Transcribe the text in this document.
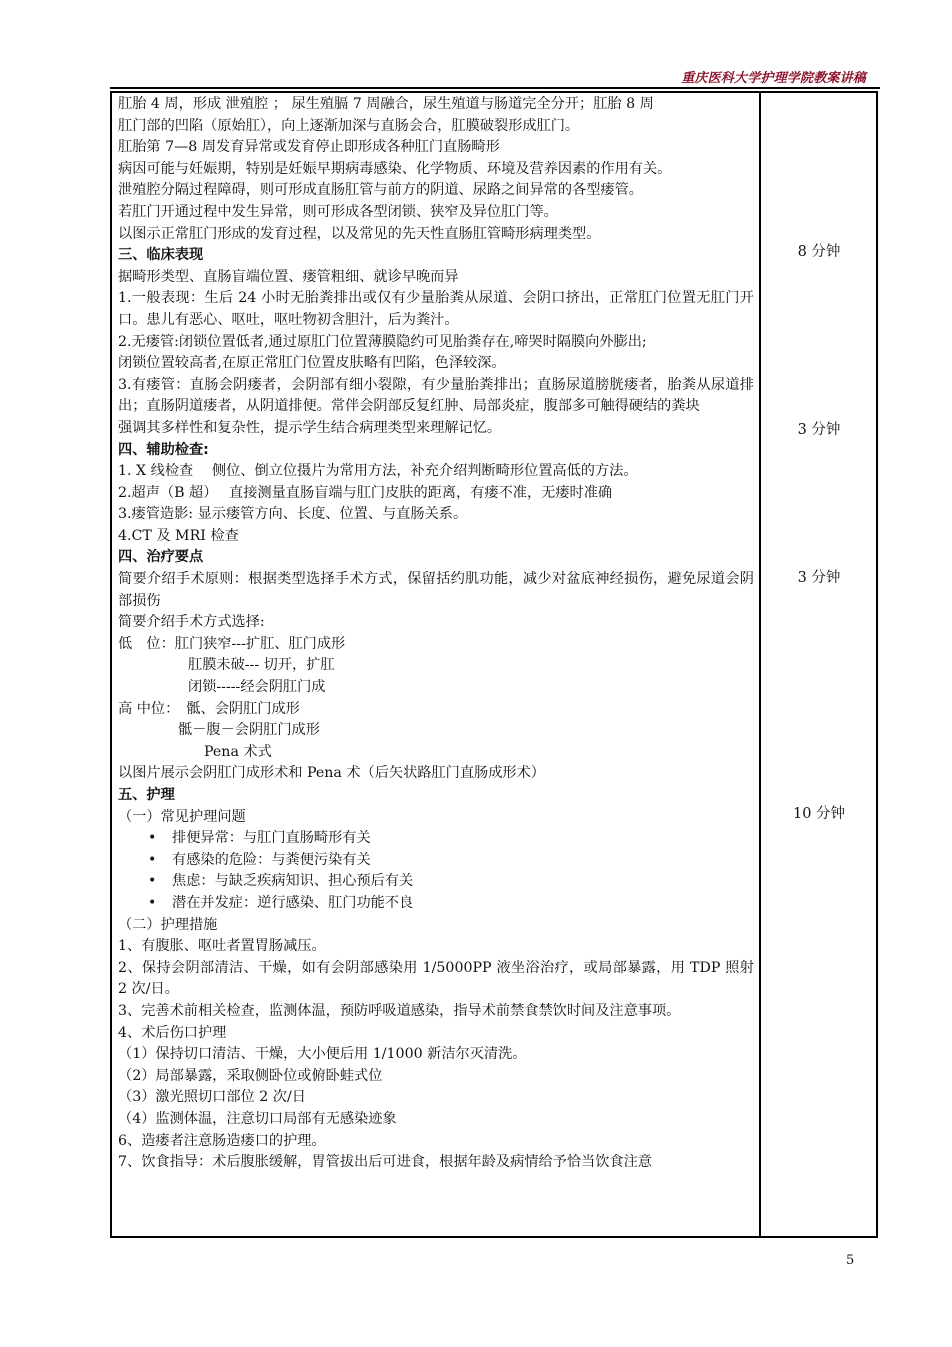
重庆医科大学护理学院教案讲稿

肛胎 4 周，形成 泄殖腔 ； 尿生殖膈 7 周融合，尿生殖道与肠道完全分开；肛胎 8 周

肛门部的凹陷（原始肛），向上逐渐加深与直肠会合，肛膜破裂形成肛门。

肛胎第 7—8 周发育异常或发育停止即形成各种肛门直肠畸形

病因可能与妊娠期，特别是妊娠早期病毒感染、化学物质、环境及营养因素的作用有关。

泄殖腔分隔过程障碍，则可形成直肠肛管与前方的阴道、尿路之间异常的各型瘘管。

若肛门开通过程中发生异常，则可形成各型闭锁、狭窄及异位肛门等。

以图示正常肛门形成的发育过程，以及常见的先天性直肠肛管畸形病理类型。

三、临床表现

据畸形类型、直肠盲端位置、瘘管粗细、就诊早晚而异

1.一般表现：生后 24 小时无胎粪排出或仅有少量胎粪从尿道、会阴口挤出，正常肛门位置无肛门开口。患儿有恶心、呕吐，呕吐物初含胆汁，后为粪汁。

2.无瘘管:闭锁位置低者,通过原肛门位置薄膜隐约可见胎粪存在,啼哭时隔膜向外膨出;

闭锁位置较高者,在原正常肛门位置皮肤略有凹陷，色泽较深。

3.有瘘管：直肠会阴瘘者，会阴部有细小裂隙，有少量胎粪排出；直肠尿道膀胱瘘者，胎粪从尿道排出；直肠阴道瘘者，从阴道排便。常伴会阴部反复红肿、局部炎症，腹部多可触得硬结的粪块

强调其多样性和复杂性，提示学生结合病理类型来理解记忆。

四、辅助检查:

1. X 线检查　 侧位、倒立位摄片为常用方法，补充介绍判断畸形位置高低的方法。

2.超声（B 超）　 直接测量直肠盲端与肛门皮肤的距离，有瘘不准，无瘘时准确

3.瘘管造影: 显示瘘管方向、长度、位置、与直肠关系。

4.CT 及 MRI 检查

四、治疗要点

简要介绍手术原则：根据类型选择手术方式，保留括约肌功能，减少对盆底神经损伤，避免尿道会阴部损伤

简要介绍手术方式选择:

低　位：肛门狭窄---扩肛、肛门成形

肛膜未破--- 切开，扩肛

闭锁-----经会阴肛门成

高 中位：　骶、会阴肛门成形

骶－腹－会阴肛门成形

Pena 术式

以图片展示会阴肛门成形术和 Pena 术（后矢状路肛门直肠成形术）

五、护理

（一）常见护理问题

• 排便异常：与肛门直肠畸形有关

• 有感染的危险：与粪便污染有关

• 焦虑：与缺乏疾病知识、担心预后有关

• 潜在并发症：逆行感染、肛门功能不良

（二）护理措施

1、有腹胀、呕吐者置胃肠减压。

2、保持会阴部清洁、干燥，如有会阴部感染用 1/5000PP 液坐浴治疗，或局部暴露，用 TDP 照射 2 次/日。

3、完善术前相关检查，监测体温，预防呼吸道感染，指导术前禁食禁饮时间及注意事项。

4、术后伤口护理

（1）保持切口清洁、干燥，大小便后用 1/1000 新洁尔灭清洗。

（2）局部暴露，采取侧卧位或俯卧蛙式位

（3）激光照切口部位 2 次/日

（4）监测体温，注意切口局部有无感染迹象

6、造瘘者注意肠造瘘口的护理。

7、饮食指导：术后腹胀缓解，胃管拔出后可进食，根据年龄及病情给予恰当饮食注意

8 分钟
3 分钟
3 分钟
10 分钟
5
